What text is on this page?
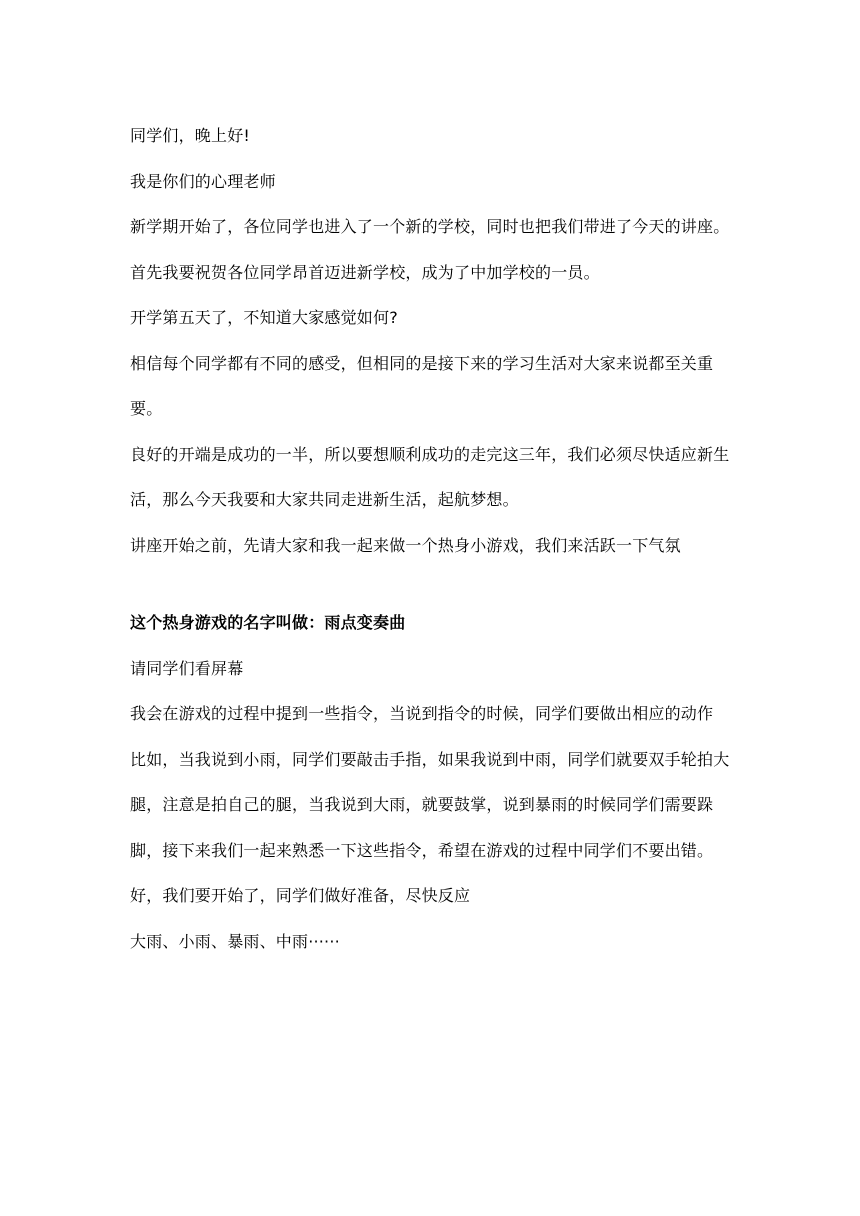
同学们，晚上好!

我是你们的心理老师

新学期开始了，各位同学也进入了一个新的学校，同时也把我们带进了今天的讲座。

首先我要祝贺各位同学昂首迈进新学校，成为了中加学校的一员。

开学第五天了，不知道大家感觉如何?

相信每个同学都有不同的感受，但相同的是接下来的学习生活对大家来说都至关重要。

良好的开端是成功的一半，所以要想顺利成功的走完这三年，我们必须尽快适应新生活，那么今天我要和大家共同走进新生活，起航梦想。

讲座开始之前，先请大家和我一起来做一个热身小游戏，我们来活跃一下气氛

这个热身游戏的名字叫做：雨点变奏曲

请同学们看屏幕

我会在游戏的过程中提到一些指令，当说到指令的时候，同学们要做出相应的动作

比如，当我说到小雨，同学们要敲击手指，如果我说到中雨，同学们就要双手轮拍大腿，注意是拍自己的腿，当我说到大雨，就要鼓掌，说到暴雨的时候同学们需要跺脚，接下来我们一起来熟悉一下这些指令，希望在游戏的过程中同学们不要出错。

好，我们要开始了，同学们做好准备，尽快反应

大雨、小雨、暴雨、中雨······
